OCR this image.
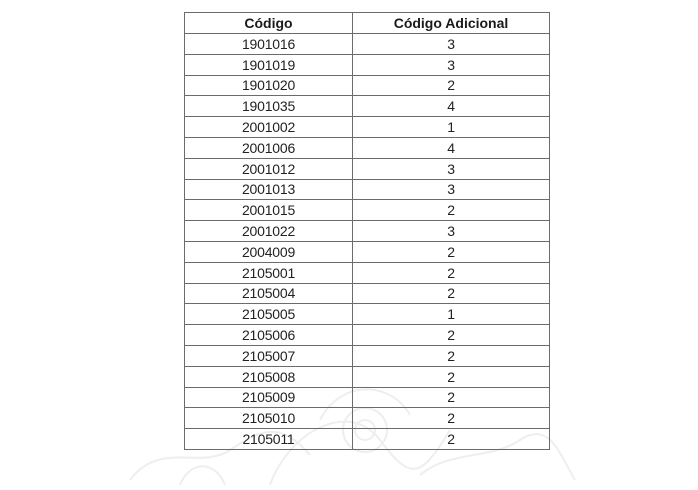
Código	Código Adicional
1901016	3
1901019	3
1901020	2
1901035	4
2001002	1
2001006	4
2001012	3
2001013	3
2001015	2
2001022	3
2004009	2
2105001	2
2105004	2
2105005	1
2105006	2
2105007	2
2105008	2
2105009	2
2105010	2
2105011	2
